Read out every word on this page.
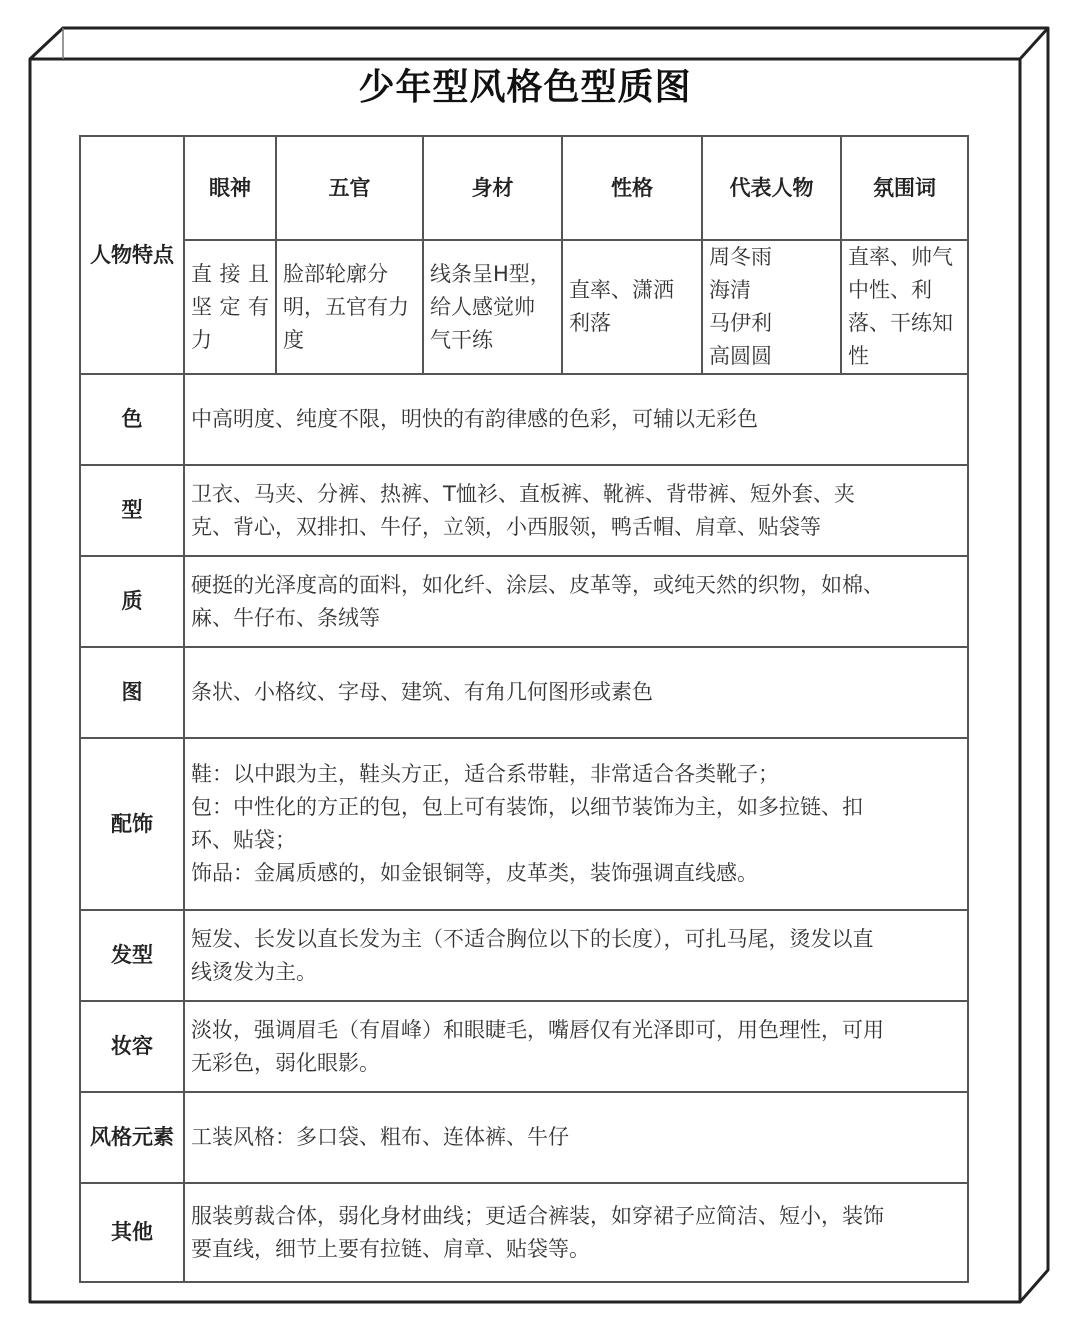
少年型风格色型质图
人物特点	眼神	五官	身材	性格	代表人物	氛围词
	直接且
坚定有
力	脸部轮廓分
明，五官有力
度	线条呈H型，
给人感觉帅
气干练	直率、潇洒
利落	周冬雨
海清
马伊利
高圆圆	直率、帅气
中性、利
落、干练知
性
色	中高明度、纯度不限，明快的有韵律感的色彩，可辅以无彩色					
型	卫衣、马夹、分裤、热裤、T恤衫、直板裤、靴裤、背带裤、短外套、夹
克、背心，双排扣、牛仔，立领，小西服领，鸭舌帽、肩章、贴袋等					
质	硬挺的光泽度高的面料，如化纤、涂层、皮革等，或纯天然的织物，如棉、
麻、牛仔布、条绒等					
图	条状、小格纹、字母、建筑、有角几何图形或素色					
配饰	鞋：以中跟为主，鞋头方正，适合系带鞋，非常适合各类靴子；
包：中性化的方正的包，包上可有装饰，以细节装饰为主，如多拉链、扣
环、贴袋；
饰品：金属质感的，如金银铜等，皮革类，装饰强调直线感。					
发型	短发、长发以直长发为主（不适合胸位以下的长度），可扎马尾，烫发以直
线烫发为主。					
妆容	淡妆，强调眉毛（有眉峰）和眼睫毛，嘴唇仅有光泽即可，用色理性，可用
无彩色，弱化眼影。					
风格元素	工装风格：多口袋、粗布、连体裤、牛仔					
其他	服装剪裁合体，弱化身材曲线；更适合裤装，如穿裙子应简洁、短小，装饰
要直线，细节上要有拉链、肩章、贴袋等。					
